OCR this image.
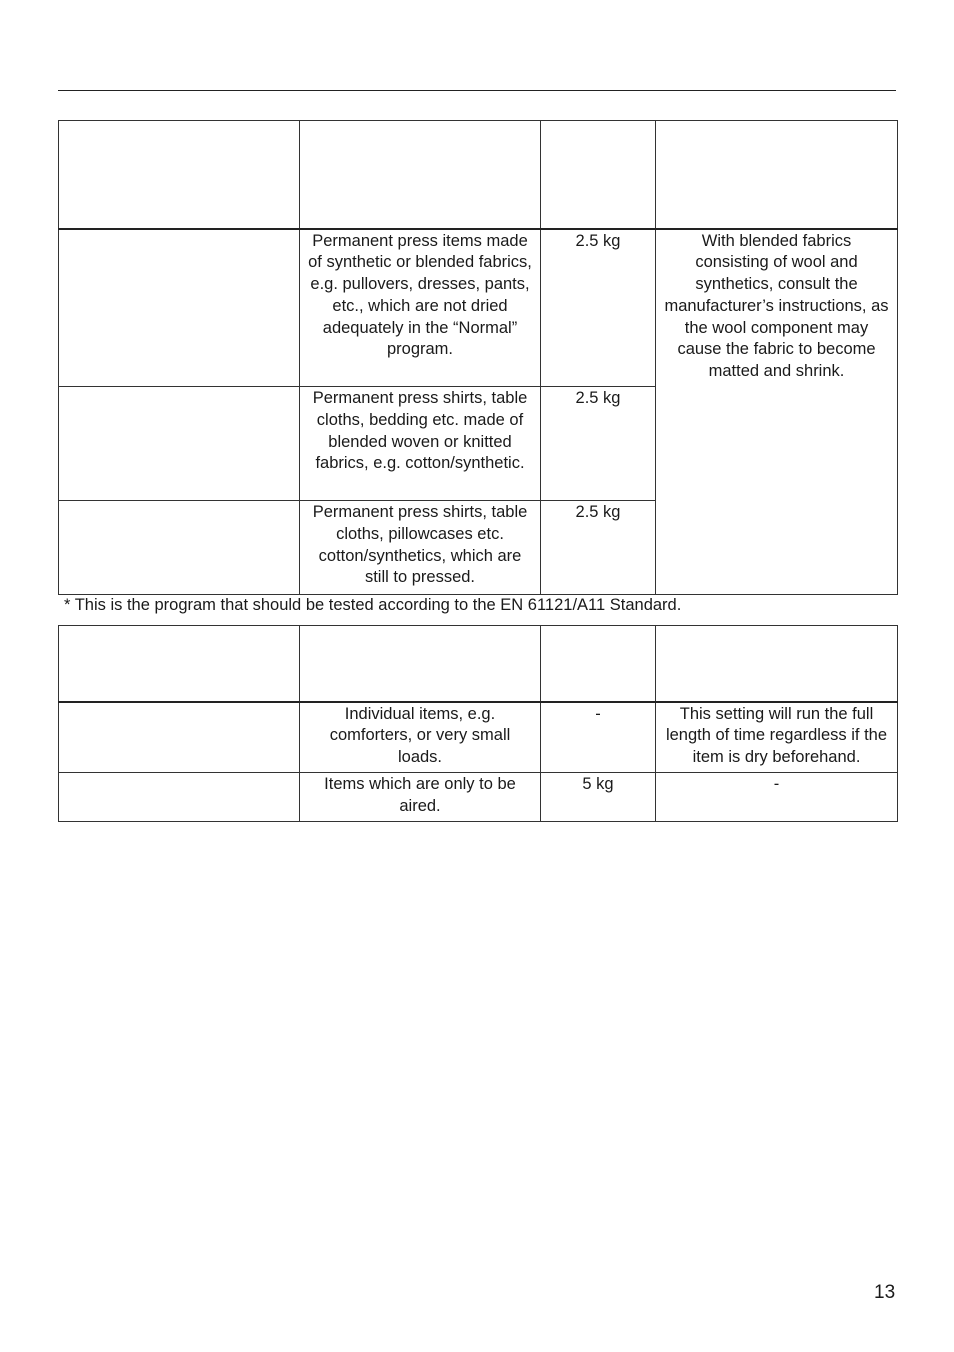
	Permanent press items made of synthetic or blended fabrics, e.g. pullovers, dresses, pants, etc., which are not dried adequately in the “Normal” program.	2.5 kg	With blended fabrics consisting of wool and synthetics, consult the manufacturer’s instructions, as the wool component may cause the fabric to become matted and shrink.
	Permanent press shirts, table cloths, bedding etc. made of blended woven or knitted fabrics, e.g. cotton/synthetic.	2.5 kg	
	Permanent press shirts, table cloths, pillowcases etc. cotton/synthetics, which are still to pressed.	2.5 kg	
* This is the program that should be tested according to the EN 61121/A11 Standard.

	Individual items, e.g. comforters, or very small loads.	-	This setting will run the full length of time regardless if the item is dry beforehand.
	Items which are only to be aired.	5 kg	-
13
